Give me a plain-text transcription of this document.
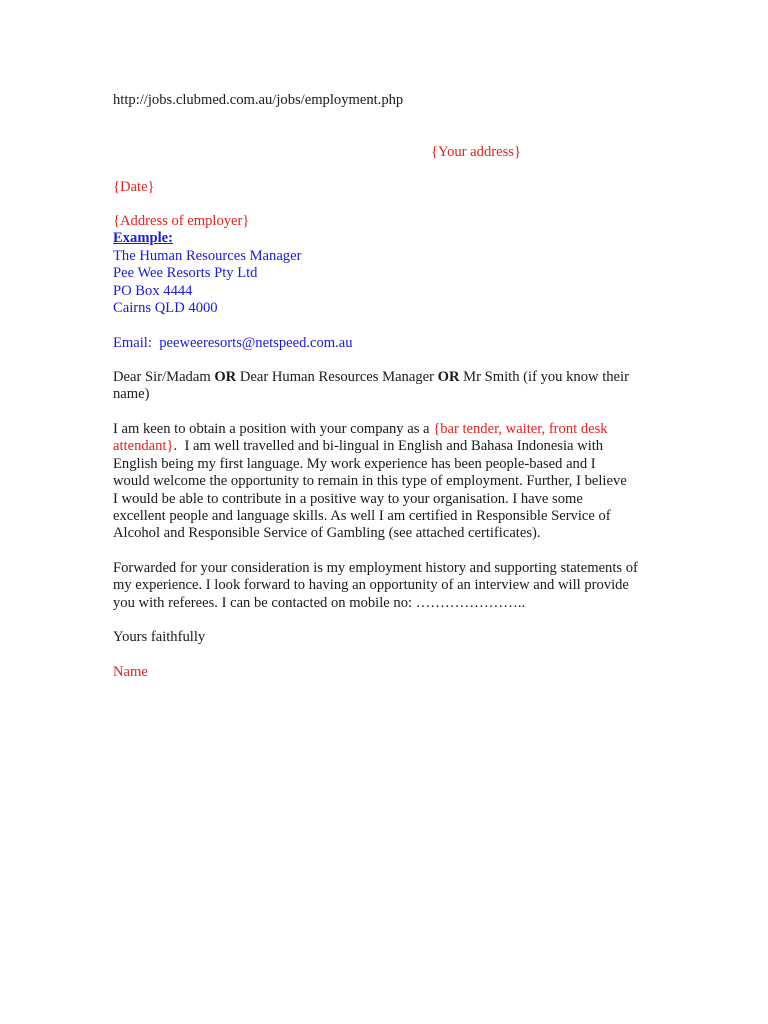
http://jobs.clubmed.com.au/jobs/employment.php
{Your address}
{Date}
{Address of employer}
Example:
The Human Resources Manager
Pee Wee Resorts Pty Ltd
PO Box 4444
Cairns QLD 4000
Email:  peeweeresorts@netspeed.com.au
Dear Sir/Madam OR Dear Human Resources Manager OR Mr Smith (if you know their
name)
I am keen to obtain a position with your company as a {bar tender, waiter, front desk
attendant}.  I am well travelled and bi-lingual in English and Bahasa Indonesia with
English being my first language. My work experience has been people-based and I
would welcome the opportunity to remain in this type of employment. Further, I believe
I would be able to contribute in a positive way to your organisation. I have some
excellent people and language skills. As well I am certified in Responsible Service of
Alcohol and Responsible Service of Gambling (see attached certificates).
Forwarded for your consideration is my employment history and supporting statements of
my experience. I look forward to having an opportunity of an interview and will provide
you with referees. I can be contacted on mobile no: …………………..
Yours faithfully
Name
